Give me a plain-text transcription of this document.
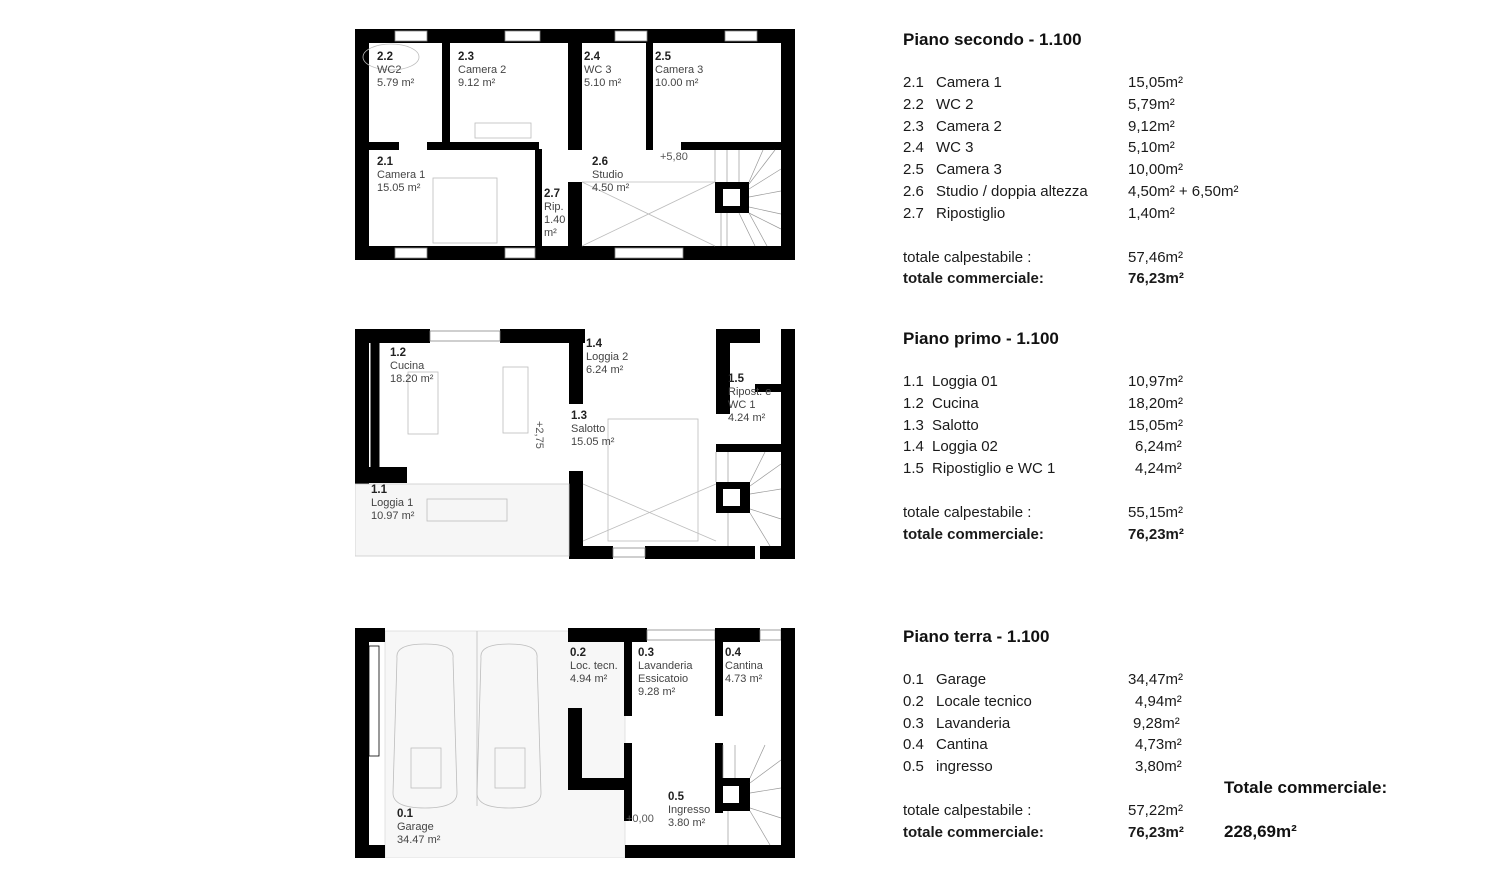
2.2
WC2
5.79 m²
2.3
Camera 2
9.12 m²
2.4
WC 3
5.10 m²
2.5
Camera 3
10.00 m²
2.1
Camera 1
15.05 m²
2.6
Studio
4.50 m²
2.7
Rip.
1.40 m²
+5,80
1.2
Cucina
18.20 m²
1.4
Loggia 2
6.24 m²
1.5
Ripost. e WC 1
4.24 m²
1.3
Salotto
15.05 m²
1.1
Loggia 1
10.97 m²
+2,75
0.2
Loc. tecn.
4.94 m²
0.3
Lavanderia Essicatoio
9.28 m²
0.4
Cantina
4.73 m²
0.5
Ingresso
3.80 m²
0.1
Garage
34.47 m²
+0,00
Piano secondo - 1.100
2.1 Camera 1	15,05m²
2.2 WC 2	5,79m²
2.3 Camera 2	9,12m²
2.4 WC 3	5,10m²
2.5 Camera 3	10,00m²
2.6 Studio / doppia altezza	4,50m² + 6,50m²
2.7 Ripostiglio	1,40m²
totale calpestabile :	57,46m²
totale commerciale:	76,23m²
Piano primo - 1.100
1.1 Loggia 01	10,97m²
1.2 Cucina	18,20m²
1.3 Salotto	15,05m²
1.4 Loggia 02	6,24m²
1.5 Ripostiglio e WC 1	4,24m²
totale calpestabile :	55,15m²
totale commerciale:	76,23m²
Piano terra - 1.100
0.1 Garage	34,47m²
0.2 Locale tecnico	4,94m²
0.3 Lavanderia	9,28m²
0.4 Cantina	4,73m²
0.5 ingresso	3,80m²
totale calpestabile :	57,22m²
totale commerciale:	76,23m²
Totale commerciale:
228,69m²
